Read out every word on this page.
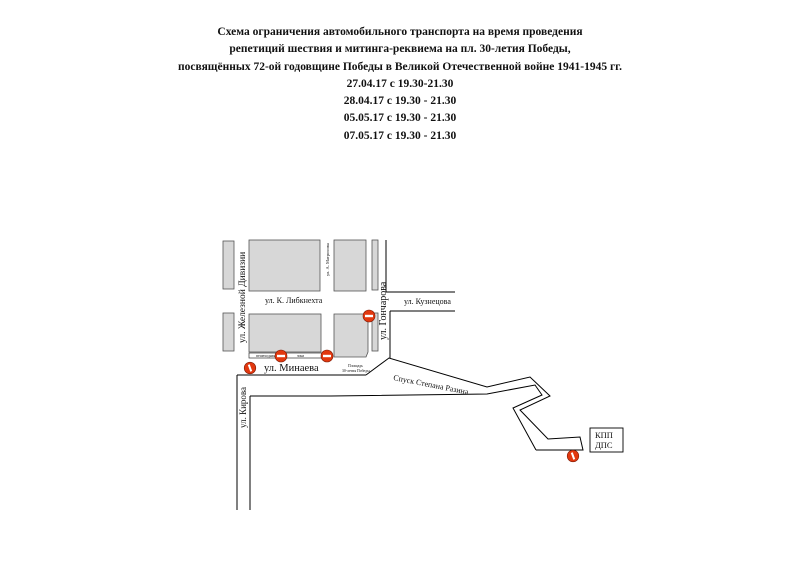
Схема ограничения автомобильного транспорта на время проведения
репетиций шествия и митинга-реквиема на пл. 30-летия Победы,
посвящённых 72-ой годовщине Победы в Великой Отечественной войне 1941-1945 гг.
27.04.17 с 19.30-21.30
28.04.17 с 19.30 - 21.30
05.05.17 с 19.30 - 21.30
07.05.17 с 19.30 - 21.30
пешеходная	зона
ул. Железной Дивизии ул. К. Либкнехта
ул. А. Матросова
ул. Гончарова ул. Кузнецова
ул. Минаева
ул. Кирова
Спуск Степана Разина
Площадь
30-летия Победы
КПП
ДПС
